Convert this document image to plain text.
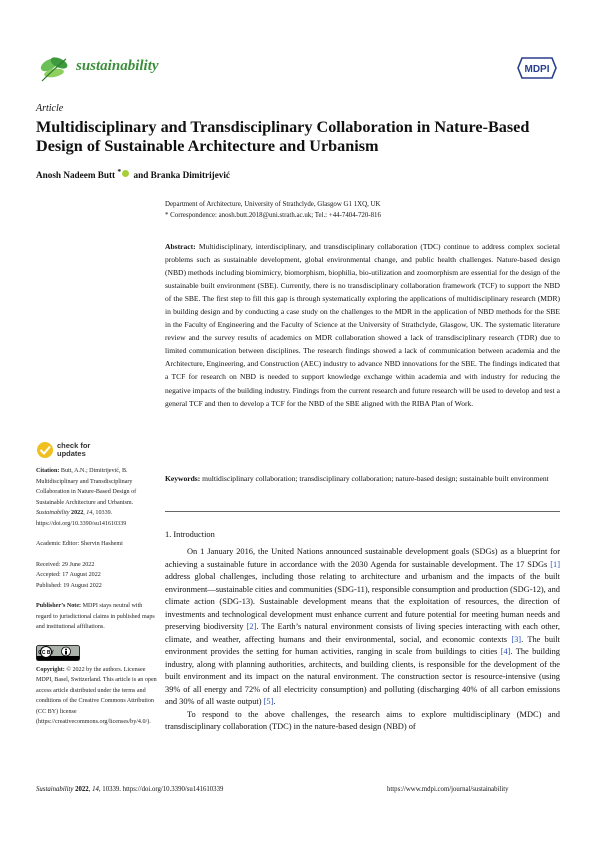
sustainability	MDPI
Article
Multidisciplinary and Transdisciplinary Collaboration in Nature-Based Design of Sustainable Architecture and Urbanism
Anosh Nadeem Butt * and Branka Dimitrijević
Department of Architecture, University of Strathclyde, Glasgow G1 1XQ, UK
* Correspondence: anosh.butt.2018@uni.strath.ac.uk; Tel.: +44-7404-720-816
check for
updates

Citation: Butt, A.N.; Dimitrijević, B. Multidisciplinary and Transdisciplinary Collaboration in Nature-Based Design of Sustainable Architecture and Urbanism. Sustainability 2022, 14, 10339. https://doi.org/10.3390/su141610339

Academic Editor: Shervin Hashemi

Received: 29 June 2022

Accepted: 17 August 2022

Published: 19 August 2022

Publisher’s Note: MDPI stays neutral with regard to jurisdictional claims in published maps and institutional affiliations.

CC BY

Copyright: © 2022 by the authors. Licensee MDPI, Basel, Switzerland. This article is an open access article distributed under the terms and conditions of the Creative Commons Attribution (CC BY) license (https://creativecommons.org/licenses/by/4.0/).

Abstract: Multidisciplinary, interdisciplinary, and transdisciplinary collaboration (TDC) continue to address complex societal problems such as sustainable development, global environmental change, and public health challenges. Nature-based design (NBD) methods including biomimicry, biomorphism, biophilia, bio-utilization and zoomorphism are essential for the design of the sustainable built environment (SBE). Currently, there is no transdisciplinary collaboration framework (TCF) to support the NBD of the SBE. The first step to fill this gap is through systematically exploring the applications of multidisciplinary research (MDR) in building design and by conducting a case study on the challenges to the MDR in the application of NBD methods for the SBE in the Faculty of Engineering and the Faculty of Science at the University of Strathclyde, Glasgow, UK. The systematic literature review and the survey results of academics on MDR collaboration showed a lack of transdisciplinary research (TDR) due to limited communication between disciplines. The research findings showed a lack of communication between academia and the Architecture, Engineering, and Construction (AEC) industry to advance NBD innovations for the SBE. The findings indicated that a TCF for research on NBD is needed to support knowledge exchange within academia and with industry for reducing the negative impacts of the building industry. Findings from the current research and future research will be used to develop and test a general TCF and then to develop a TCF for the NBD of the SBE aligned with the RIBA Plan of Work.
Keywords: multidisciplinary collaboration; transdisciplinary collaboration; nature-based design; sustainable built environment
1. Introduction

On 1 January 2016, the United Nations announced sustainable development goals (SDGs) as a blueprint for achieving a sustainable future in accordance with the 2030 Agenda for sustainable development. The 17 SDGs [1] address global challenges, including those relating to architecture and urbanism and the impacts of the built environment—sustainable cities and communities (SDG-11), responsible consumption and production (SDG-12), and climate action (SDG-13). Sustainable development means that the exploitation of resources, the direction of investments and technological development must enhance current and future potential for meeting human needs and preserving biodiversity [2]. The Earth’s natural environment consists of living species interacting with each other, climate, and weather, affecting humans and their environmental, social, and economic contexts [3]. The built environment provides the setting for human activities, ranging in scale from buildings to cities [4]. The building industry, along with planning authorities, architects, and building clients, is responsible for the development of the built environment and its impact on the natural environment. The construction sector is resource-intensive (using 39% of all energy and 72% of all electricity consumption) and polluting (discharging 40% of all carbon emissions and 30% of all waste output) [5].

To respond to the above challenges, the research aims to explore multidisciplinary (MDC) and transdisciplinary collaboration (TDC) in the nature-based design (NBD) of

Sustainability 2022, 14, 10339. https://doi.org/10.3390/su141610339	https://www.mdpi.com/journal/sustainability
